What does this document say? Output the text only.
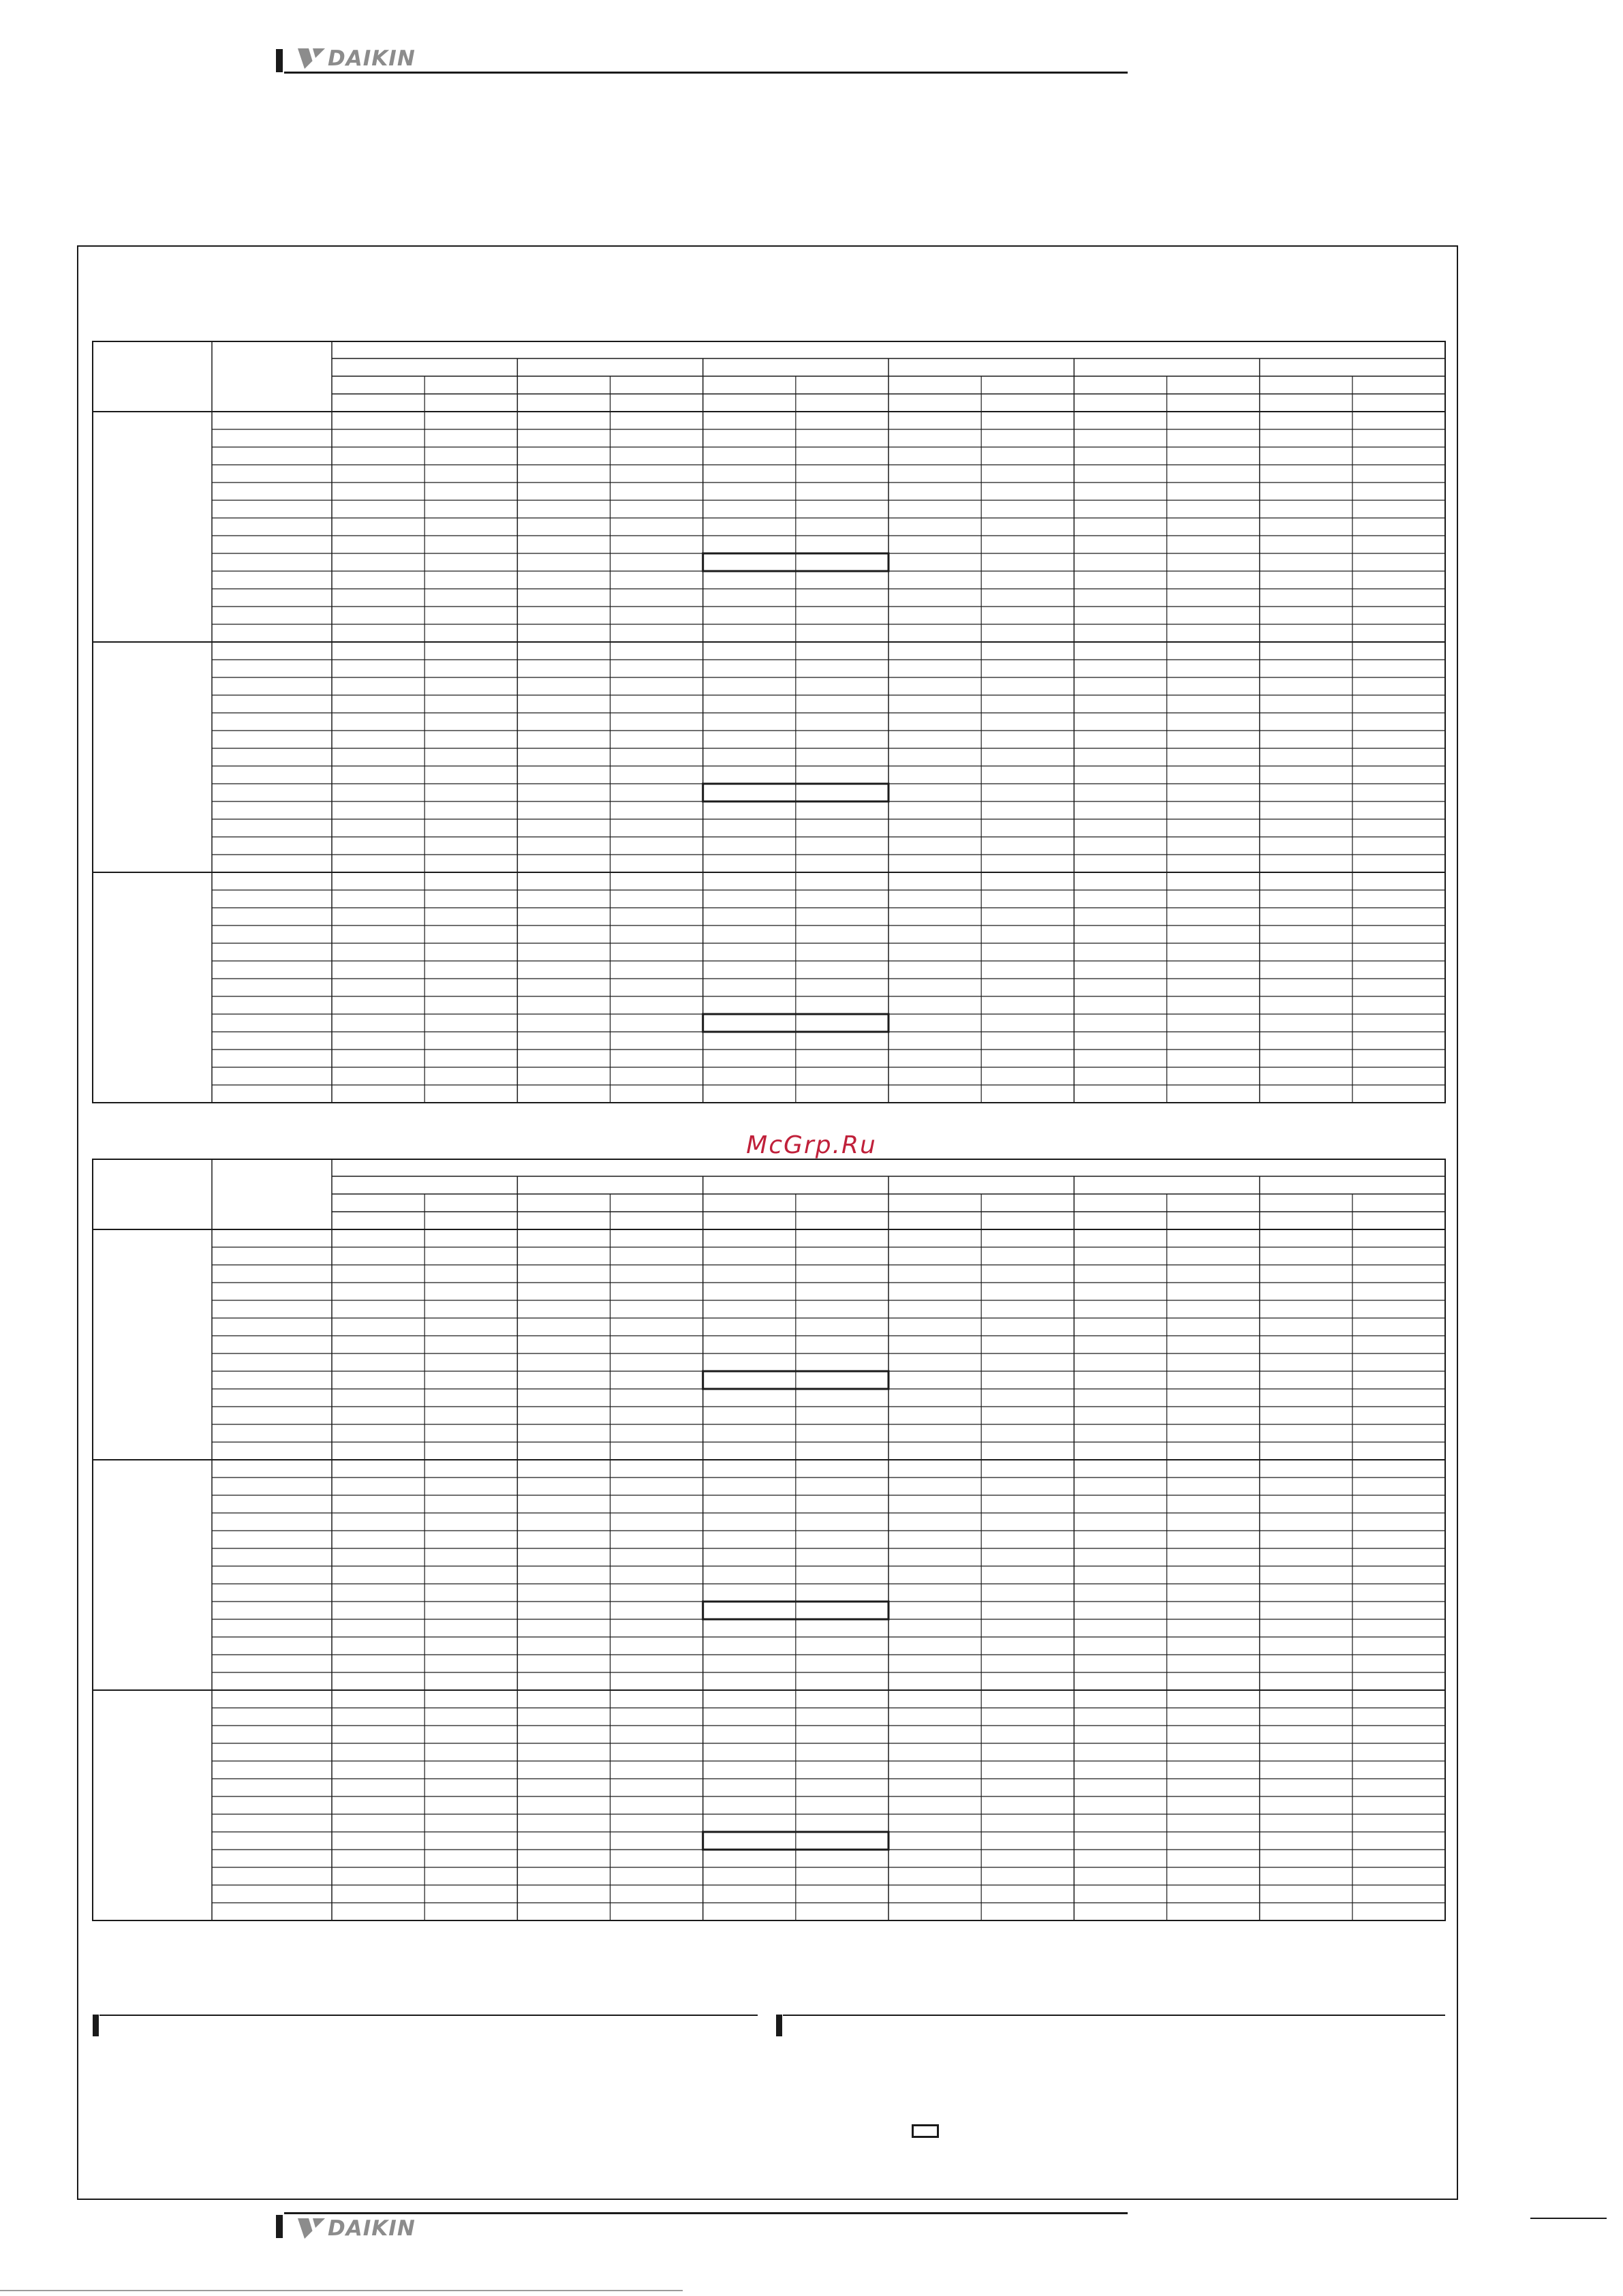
DAIKIN
McGrp.Ru
DAIKIN
